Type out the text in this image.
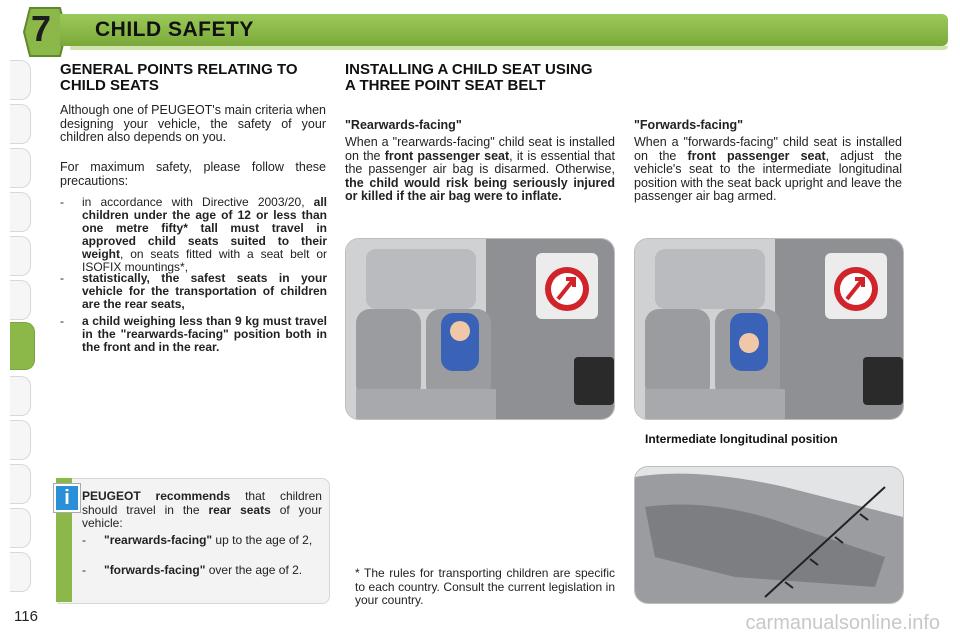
7	CHILD SAFETY
GENERAL POINTS RELATING TO CHILD SEATS
Although one of PEUGEOT's main criteria when designing your vehicle, the safety of your children also depends on you.
For maximum safety, please follow these precautions:
- in accordance with Directive 2003/20, all children under the age of 12 or less than one metre fifty* tall must travel in approved child seats suited to their weight, on seats fitted with a seat belt or ISOFIX mountings*,
- statistically, the safest seats in your vehicle for the transportation of children are the rear seats,
- a child weighing less than 9 kg must travel in the "rearwards-facing" position both in the front and in the rear.
i	PEUGEOT recommends that children should travel in the rear seats of your vehicle:
- "rearwards-facing" up to the age of 2,
- "forwards-facing" over the age of 2.
INSTALLING A CHILD SEAT USING A THREE POINT SEAT BELT
"Rearwards-facing"
When a "rearwards-facing" child seat is installed on the front passenger seat, it is essential that the passenger air bag is disarmed. Otherwise, the child would risk being seriously injured or killed if the air bag were to inflate.
* The rules for transporting children are specific to each country. Consult the current legislation in your country.
"Forwards-facing"
When a "forwards-facing" child seat is installed on the front passenger seat, adjust the vehicle's seat to the intermediate longitudinal position with the seat back upright and leave the passenger air bag armed.
Intermediate longitudinal position
116	carmanualsonline.info
